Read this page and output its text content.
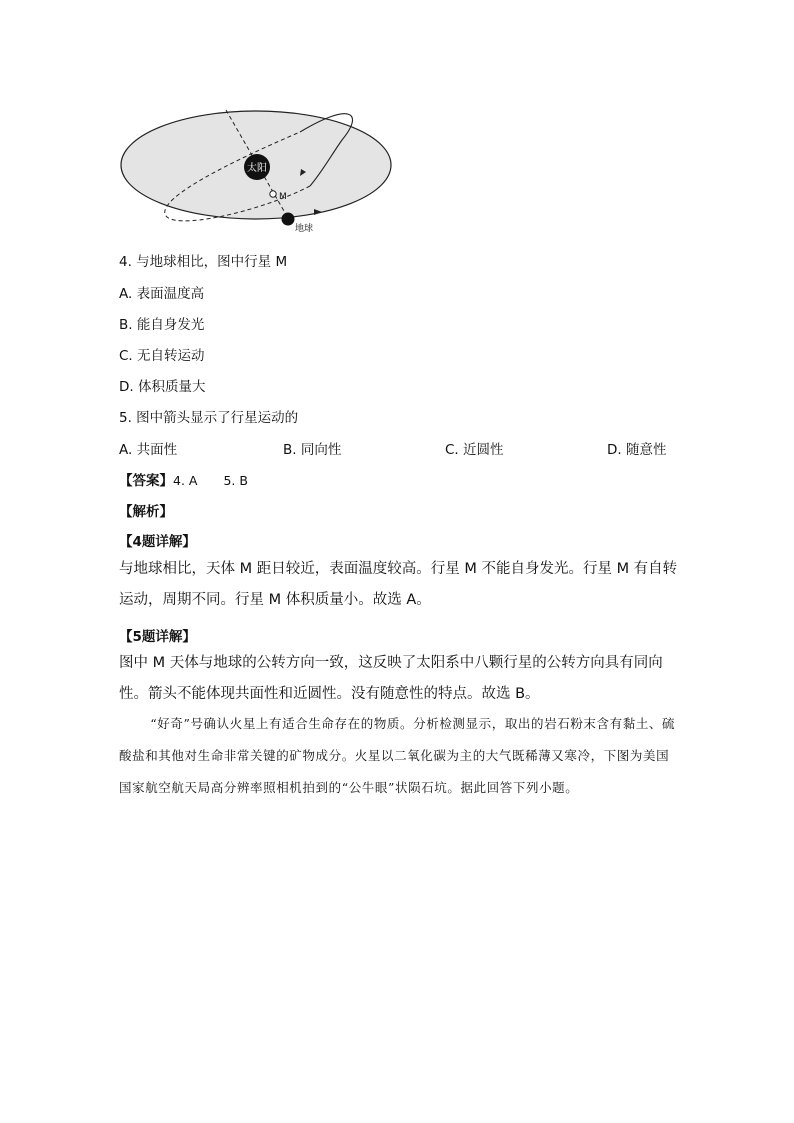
太阳
M
地球
4. 与地球相比，图中行星 M
A. 表面温度高
B. 能自身发光
C. 无自转运动
D. 体积质量大
5. 图中箭头显示了行星运动的
A. 共面性	B. 同向性	C. 近圆性	D. 随意性
【答案】4. A 5. B
【解析】
【4题详解】
与地球相比，天体 M 距日较近，表面温度较高。行星 M 不能自身发光。行星 M 有自转运动，周期不同。行星 M 体积质量小。故选 A。
【5题详解】
图中 M 天体与地球的公转方向一致，这反映了太阳系中八颗行星的公转方向具有同向性。箭头不能体现共面性和近圆性。没有随意性的特点。故选 B。
“好奇”号确认火星上有适合生命存在的物质。分析检测显示，取出的岩石粉末含有黏土、硫酸盐和其他对生命非常关键的矿物成分。火星以二氧化碳为主的大气既稀薄又寒冷，下图为美国国家航空航天局高分辨率照相机拍到的“公牛眼”状陨石坑。据此回答下列小题。
